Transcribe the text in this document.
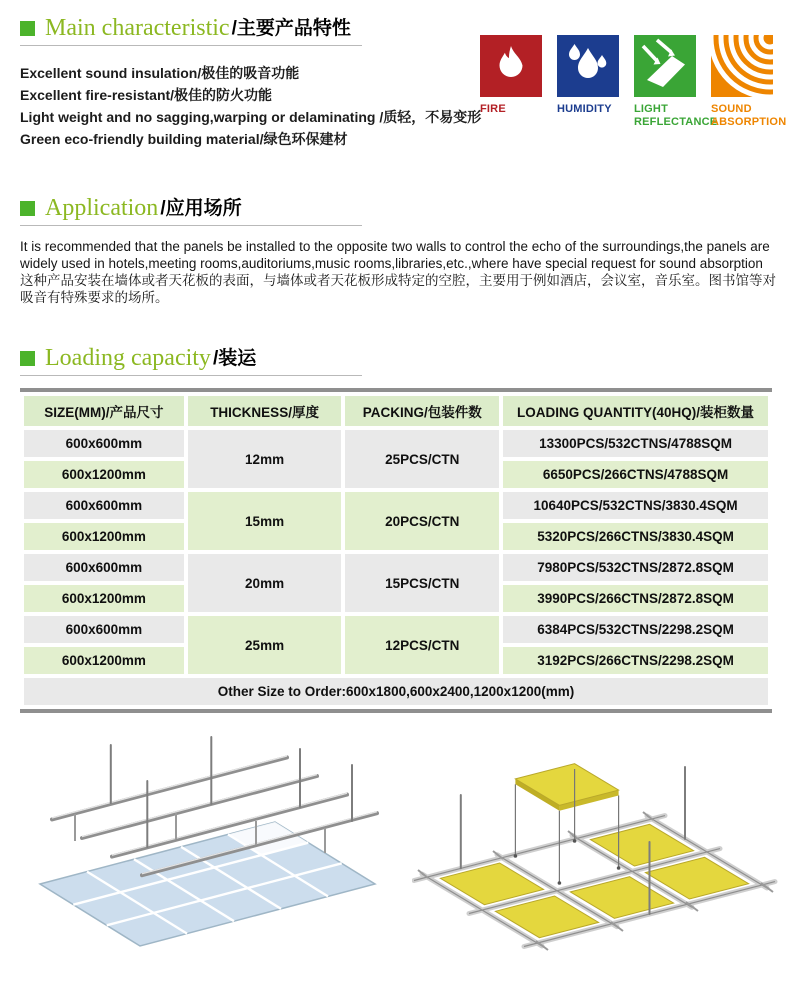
Main characteristic /主要产品特性
Excellent sound insulation/极佳的吸音功能
Excellent fire-resistant/极佳的防火功能
Light weight and no sagging,warping or delaminating /质轻，不易变形
Green eco-friendly building material/绿色环保建材
FIRE	HUMIDITY	LIGHT REFLECTANCE
SOUND ABSORPTION
Application /应用场所

It is recommended that the panels be installed to the opposite two walls to control the echo of the surroundings,the panels are widely used in hotels,meeting rooms,auditoriums,music rooms,libraries,etc.,where have special request for sound absorption

这种产品安装在墙体或者天花板的表面，与墙体或者天花板形成特定的空腔，主要用于例如酒店，会议室，音乐室。图书馆等对吸音有特殊要求的场所。

Loading capacity /装运
SIZE(MM)/产品尺寸	THICKNESS/厚度	PACKING/包装件数	LOADING QUANTITY(40HQ)/装柜数量
600x600mm	12mm	25PCS/CTN	13300PCS/532CTNS/4788SQM
600x1200mm			6650PCS/266CTNS/4788SQM
600x600mm	15mm	20PCS/CTN	10640PCS/532CTNS/3830.4SQM
600x1200mm			5320PCS/266CTNS/3830.4SQM
600x600mm	20mm	15PCS/CTN	7980PCS/532CTNS/2872.8SQM
600x1200mm			3990PCS/266CTNS/2872.8SQM
600x600mm	25mm	12PCS/CTN	6384PCS/532CTNS/2298.2SQM
600x1200mm			3192PCS/266CTNS/2298.2SQM
Other Size to Order:600x1800,600x2400,1200x1200(mm)			
